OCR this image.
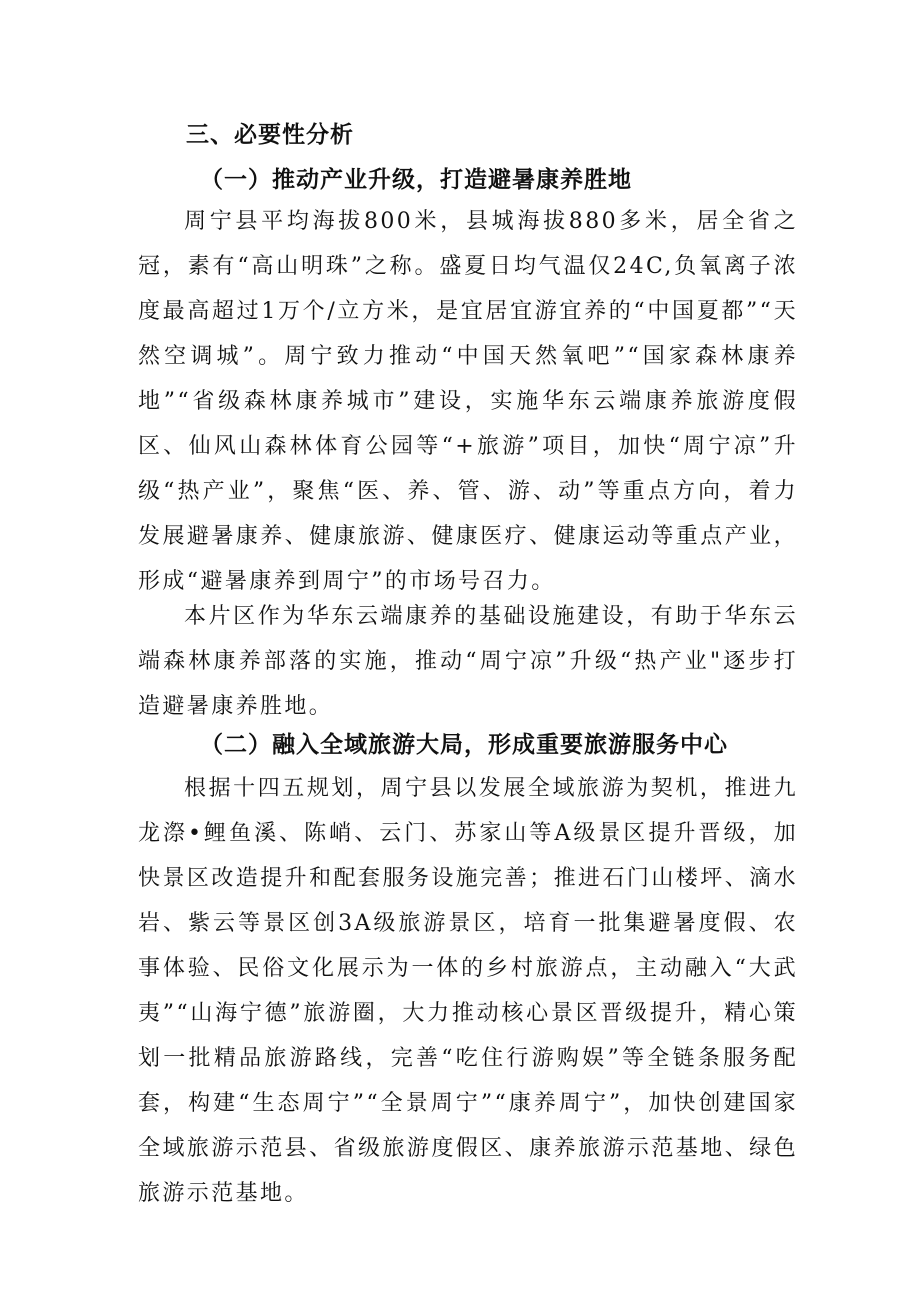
三、必要性分析
（一）推动产业升级，打造避暑康养胜地

周宁县平均海拔800米，县城海拔880多米，居全省之冠，素有“高山明珠”之称。盛夏日均气温仅24C,负氧离子浓度最高超过1万个/立方米，是宜居宜游宜养的“中国夏都”“天然空调城”。周宁致力推动“中国天然氧吧”“国家森林康养地”“省级森林康养城市”建设，实施华东云端康养旅游度假区、仙风山森林体育公园等“+旅游”项目，加快“周宁凉”升级“热产业”，聚焦“医、养、管、游、动”等重点方向，着力发展避暑康养、健康旅游、健康医疗、健康运动等重点产业，形成“避暑康养到周宁”的市场号召力。

本片区作为华东云端康养的基础设施建设，有助于华东云端森林康养部落的实施，推动“周宁凉”升级“热产业"逐步打造避暑康养胜地。

（二）融入全域旅游大局，形成重要旅游服务中心

根据十四五规划，周宁县以发展全域旅游为契机，推进九龙漈•鲤鱼溪、陈峭、云门、苏家山等A级景区提升晋级，加快景区改造提升和配套服务设施完善；推进石门山楼坪、滴水岩、紫云等景区创3A级旅游景区，培育一批集避暑度假、农事体验、民俗文化展示为一体的乡村旅游点，主动融入“大武夷”“山海宁德”旅游圈，大力推动核心景区晋级提升，精心策划一批精品旅游路线，完善“吃住行游购娱”等全链条服务配套，构建“生态周宁”“全景周宁”“康养周宁”，加快创建国家全域旅游示范县、省级旅游度假区、康养旅游示范基地、绿色旅游示范基地。
